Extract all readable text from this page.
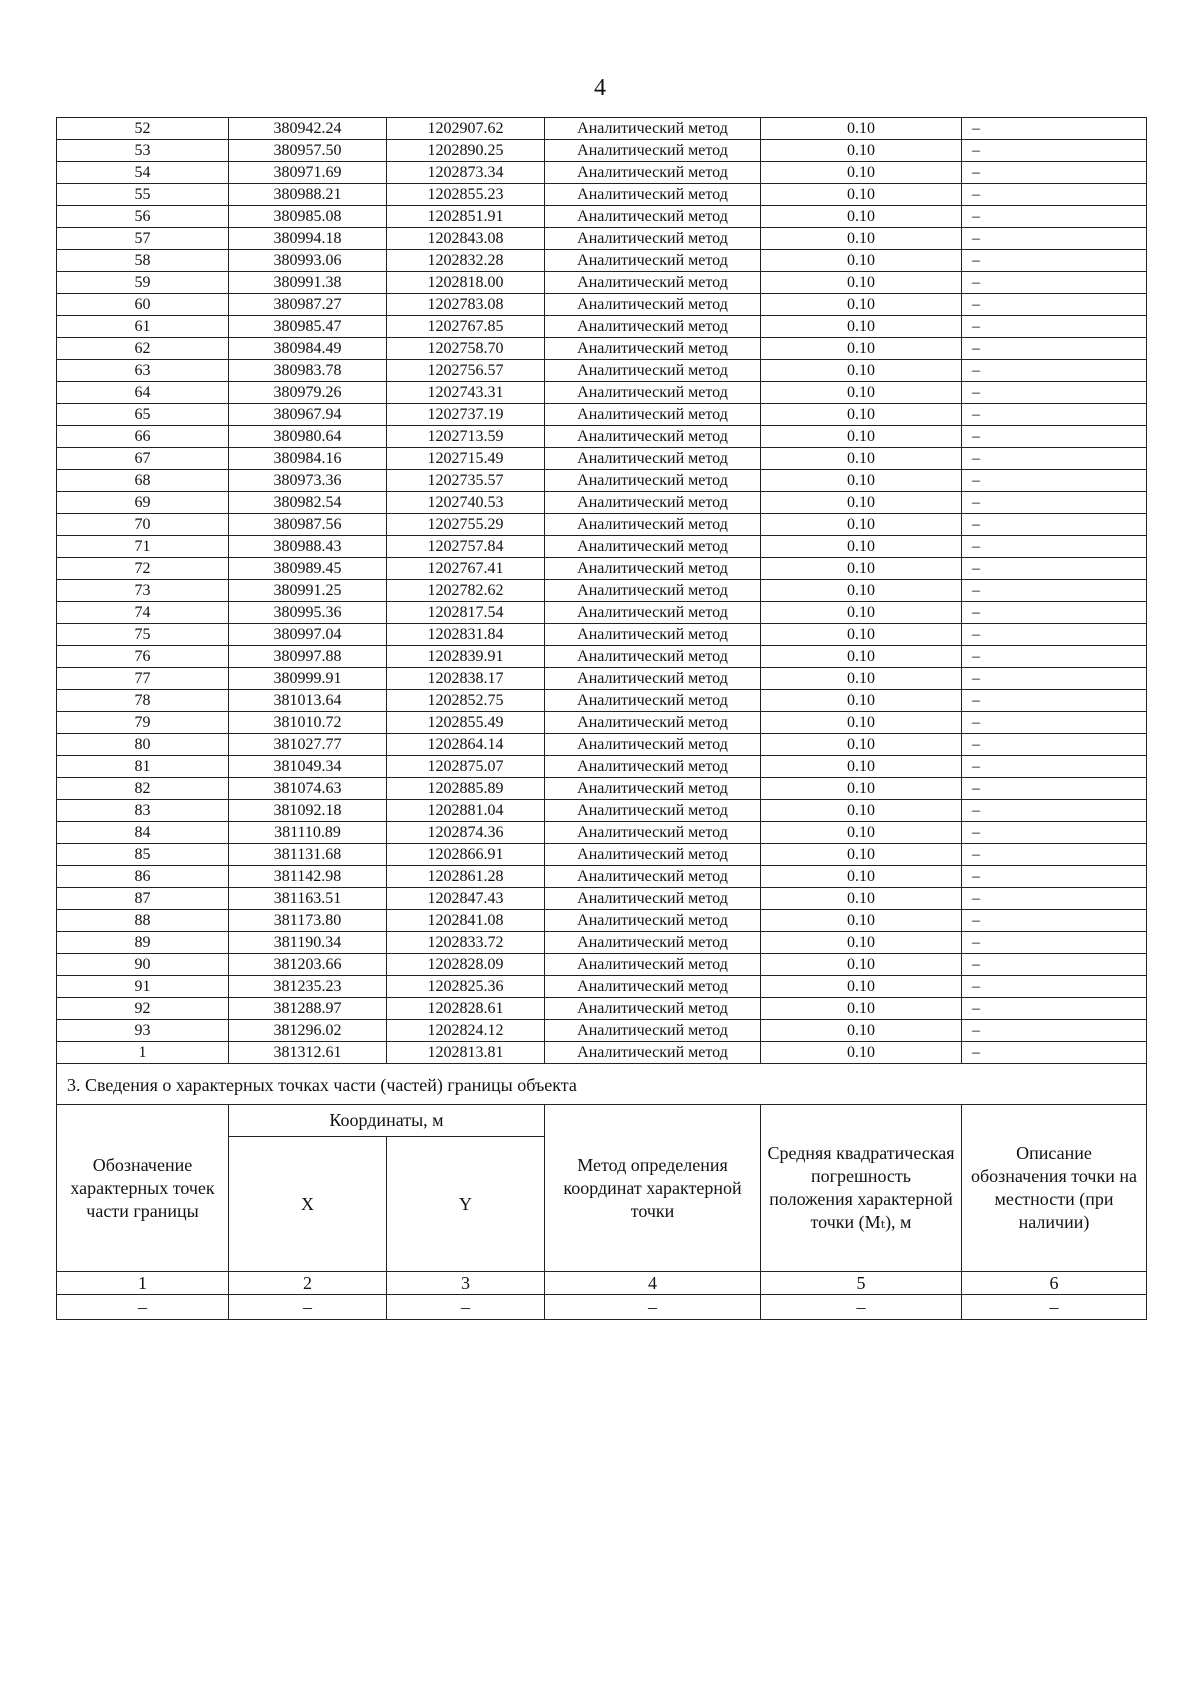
4
52	380942.24	1202907.62	Аналитический метод	0.10	–
53	380957.50	1202890.25	Аналитический метод	0.10	–
54	380971.69	1202873.34	Аналитический метод	0.10	–
55	380988.21	1202855.23	Аналитический метод	0.10	–
56	380985.08	1202851.91	Аналитический метод	0.10	–
57	380994.18	1202843.08	Аналитический метод	0.10	–
58	380993.06	1202832.28	Аналитический метод	0.10	–
59	380991.38	1202818.00	Аналитический метод	0.10	–
60	380987.27	1202783.08	Аналитический метод	0.10	–
61	380985.47	1202767.85	Аналитический метод	0.10	–
62	380984.49	1202758.70	Аналитический метод	0.10	–
63	380983.78	1202756.57	Аналитический метод	0.10	–
64	380979.26	1202743.31	Аналитический метод	0.10	–
65	380967.94	1202737.19	Аналитический метод	0.10	–
66	380980.64	1202713.59	Аналитический метод	0.10	–
67	380984.16	1202715.49	Аналитический метод	0.10	–
68	380973.36	1202735.57	Аналитический метод	0.10	–
69	380982.54	1202740.53	Аналитический метод	0.10	–
70	380987.56	1202755.29	Аналитический метод	0.10	–
71	380988.43	1202757.84	Аналитический метод	0.10	–
72	380989.45	1202767.41	Аналитический метод	0.10	–
73	380991.25	1202782.62	Аналитический метод	0.10	–
74	380995.36	1202817.54	Аналитический метод	0.10	–
75	380997.04	1202831.84	Аналитический метод	0.10	–
76	380997.88	1202839.91	Аналитический метод	0.10	–
77	380999.91	1202838.17	Аналитический метод	0.10	–
78	381013.64	1202852.75	Аналитический метод	0.10	–
79	381010.72	1202855.49	Аналитический метод	0.10	–
80	381027.77	1202864.14	Аналитический метод	0.10	–
81	381049.34	1202875.07	Аналитический метод	0.10	–
82	381074.63	1202885.89	Аналитический метод	0.10	–
83	381092.18	1202881.04	Аналитический метод	0.10	–
84	381110.89	1202874.36	Аналитический метод	0.10	–
85	381131.68	1202866.91	Аналитический метод	0.10	–
86	381142.98	1202861.28	Аналитический метод	0.10	–
87	381163.51	1202847.43	Аналитический метод	0.10	–
88	381173.80	1202841.08	Аналитический метод	0.10	–
89	381190.34	1202833.72	Аналитический метод	0.10	–
90	381203.66	1202828.09	Аналитический метод	0.10	–
91	381235.23	1202825.36	Аналитический метод	0.10	–
92	381288.97	1202828.61	Аналитический метод	0.10	–
93	381296.02	1202824.12	Аналитический метод	0.10	–
1	381312.61	1202813.81	Аналитический метод	0.10	–
3. Сведения о характерных точках части (частей) границы объекта					
Обозначение характерных точек части границы	Координаты, м		Метод определения координат характерной точки	Средняя квадратическая погрешность положения характерной точки (Mₜ), м	Описание обозначения точки на местности (при наличии)
	X	Y			
1	2	3	4	5	6
–	–	–	–	–	–
